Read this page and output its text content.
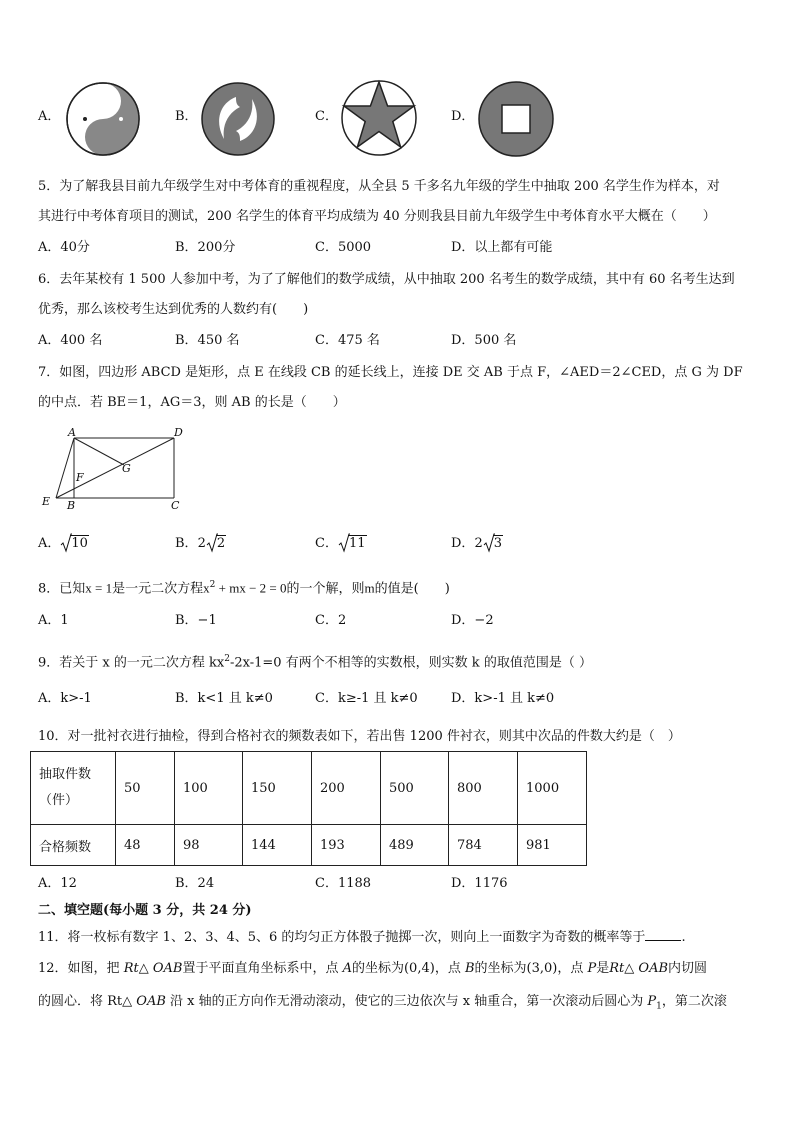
A．	B．	C．	D．
5．为了解我县目前九年级学生对中考体育的重视程度，从全县 5 千多名九年级的学生中抽取 200 名学生作为样本，对
其进行中考体育项目的测试，200 名学生的体育平均成绩为 40 分则我县目前九年级学生中考体育水平大概在（　　）
A．40分	B．200分	C．5000	D．以上都有可能
6．去年某校有 1 500 人参加中考，为了了解他们的数学成绩，从中抽取 200 名考生的数学成绩，其中有 60 名考生达到
优秀，那么该校考生达到优秀的人数约有(　　)
A．400 名	B．450 名	C．475 名	D．500 名
7．如图，四边形 ABCD 是矩形，点 E 在线段 CB 的延长线上，连接 DE 交 AB 于点 F，∠AED＝2∠CED，点 G 为 DF
的中点．若 BE＝1，AG＝3，则 AB 的长是（　　）
A	D
E B	C
F
G
A． 10	B．2 2	C． 11	D．2 3
8．已知x = 1是一元二次方程$x^2$ + mx − 2 = 0的一个解，则m的值是(　　)
A．1	B．−1	C．2	D．−2
9．若关于 x 的一元二次方程 $kx^2-2x-1=0$ 有两个不相等的实数根，则实数 k 的取值范围是（ ）
A．k>-1	B．k<1 且 k≠0	C．k≥-1 且 k≠0	D．k>-1 且 k≠0
10．对一批衬衣进行抽检，得到合格衬衣的频数表如下，若出售 1200 件衬衣，则其中次品的件数大约是（　）
抽取件数
（件）	50	100	150	200	500	800	1000
合格频数	48	98	144	193	489	784	981
A．12	B．24	C．1188	D．1176
二、填空题(每小题 3 分，共 24 分)
11．将一枚标有数字 1、2、3、4、5、6 的均匀正方体骰子抛掷一次，则向上一面数字为奇数的概率等于	.
12．如图，把 Rt△ OAB置于平面直角坐标系中，点 A的坐标为(0,4)，点 B的坐标为(3,0)，点 P是Rt△ OAB内切圆
的圆心．将 Rt△ OAB 沿 x 轴的正方向作无滑动滚动，使它的三边依次与 x 轴重合，第一次滚动后圆心为 $P_1$，第二次滚
